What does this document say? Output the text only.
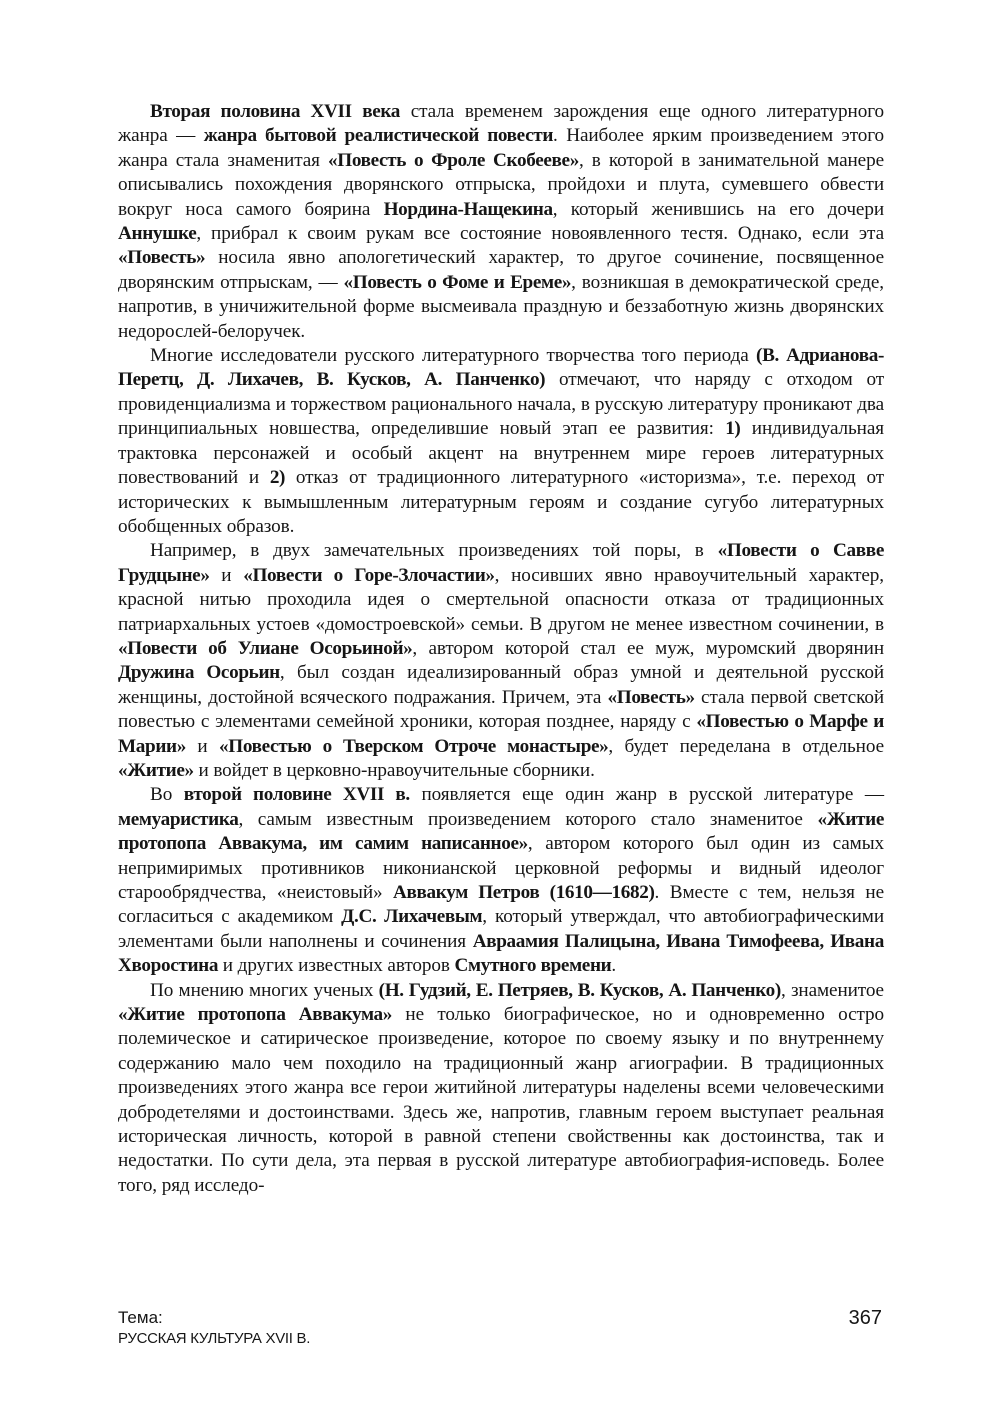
Вторая половина XVII века стала временем зарождения еще одного литературного жанра — жанра бытовой реалистической повести. Наиболее ярким произведением этого жанра стала знаменитая «Повесть о Фроле Скобееве», в которой в занимательной манере описывались похождения дворянского отпрыска, пройдохи и плута, сумевшего обвести вокруг носа самого боярина Нордина-Нащекина, который женившись на его дочери Аннушке, прибрал к своим рукам все состояние новоявленного тестя. Однако, если эта «Повесть» носила явно апологетический характер, то другое сочинение, посвященное дворянским отпрыскам, — «Повесть о Фоме и Ереме», возникшая в демократической среде, напротив, в уничижительной форме высмеивала праздную и беззаботную жизнь дворянских недорослей-белоручек.

Многие исследователи русского литературного творчества того периода (В. Адрианова-Перетц, Д. Лихачев, В. Кусков, А. Панченко) отмечают, что наряду с отходом от провиденциализма и торжеством рационального начала, в русскую литературу проникают два принципиальных новшества, определившие новый этап ее развития: 1) индивидуальная трактовка персонажей и особый акцент на внутреннем мире героев литературных повествований и 2) отказ от традиционного литературного «историзма», т.е. переход от исторических к вымышленным литературным героям и создание сугубо литературных обобщенных образов.

Например, в двух замечательных произведениях той поры, в «Повести о Савве Грудцыне» и «Повести о Горе-Злочастии», носивших явно нравоучительный характер, красной нитью проходила идея о смертельной опасности отказа от традиционных патриархальных устоев «домостроевской» семьи. В другом не менее известном сочинении, в «Повести об Улиане Осорьиной», автором которой стал ее муж, муромский дворянин Дружина Осорьин, был создан идеализированный образ умной и деятельной русской женщины, достойной всяческого подражания. Причем, эта «Повесть» стала первой светской повестью с элементами семейной хроники, которая позднее, наряду с «Повестью о Марфе и Марии» и «Повестью о Тверском Отроче монастыре», будет переделана в отдельное «Житие» и войдет в церковно-нравоучительные сборники.

Во второй половине XVII в. появляется еще один жанр в русской литературе — мемуаристика, самым известным произведением которого стало знаменитое «Житие протопопа Аввакума, им самим написанное», автором которого был один из самых непримиримых противников никонианской церковной реформы и видный идеолог старообрядчества, «неистовый» Аввакум Петров (1610—1682). Вместе с тем, нельзя не согласиться с академиком Д.С. Лихачевым, который утверждал, что автобиографическими элементами были наполнены и сочинения Авраамия Палицына, Ивана Тимофеева, Ивана Хворостина и других известных авторов Смутного времени.

По мнению многих ученых (Н. Гудзий, Е. Петряев, В. Кусков, А. Панченко), знаменитое «Житие протопопа Аввакума» не только биографическое, но и одновременно остро полемическое и сатирическое произведение, которое по своему языку и по внутреннему содержанию мало чем походило на традиционный жанр агиографии. В традиционных произведениях этого жанра все герои житийной литературы наделены всеми человеческими добродетелями и достоинствами. Здесь же, напротив, главным героем выступает реальная историческая личность, которой в равной степени свойственны как достоинства, так и недостатки. По сути дела, эта первая в русской литературе автобиография-исповедь. Более того, ряд исследо-

Тема:
РУССКАЯ КУЛЬТУРА XVII В.
367
